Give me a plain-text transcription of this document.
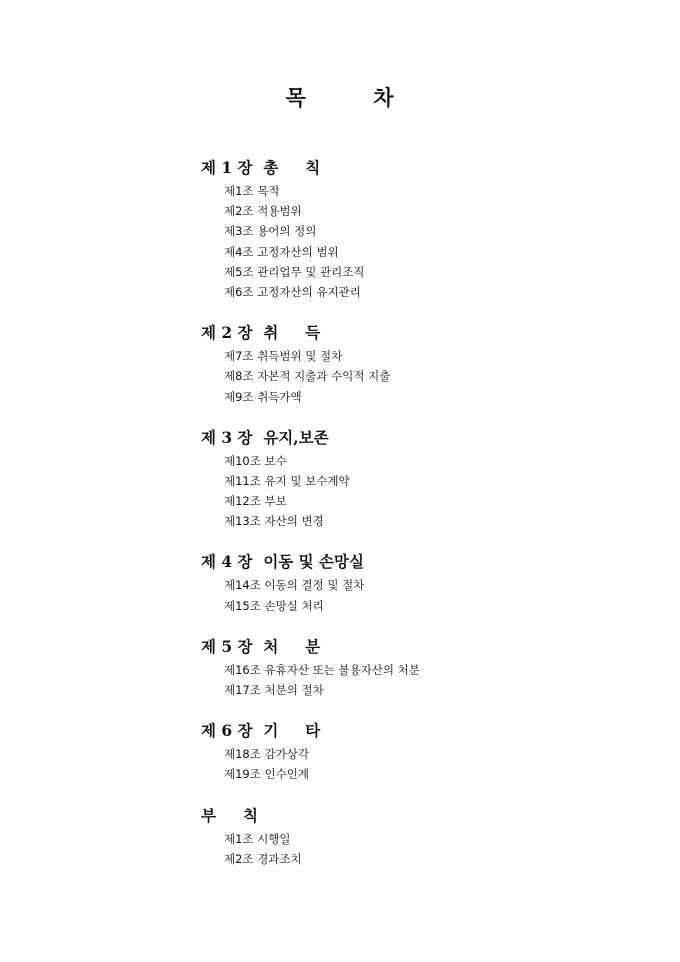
목        차
제 1 장  총     칙
제1조 목적
제2조 적용범위
제3조 용어의 정의
제4조 고정자산의 범위
제5조 관리업무 및 관리조직
제6조 고정자산의 유지관리
제 2 장  취     득
제7조 취득범위 및 절차
제8조 자본적 지출과 수익적 지출
제9조 취득가액
제 3 장  유지,보존
제10조 보수
제11조 유지 및 보수계약
제12조 부보
제13조 자산의 변경
제 4 장  이동 및 손망실
제14조 이동의 결정 및 절차
제15조 손망실 처리
제 5 장  처     분
제16조 유휴자산 또는 불용자산의 처분
제17조 처분의 절차
제 6 장  기     타
제18조 감가상각
제19조 인수인계
부     칙
제1조 시행일
제2조 경과조치
